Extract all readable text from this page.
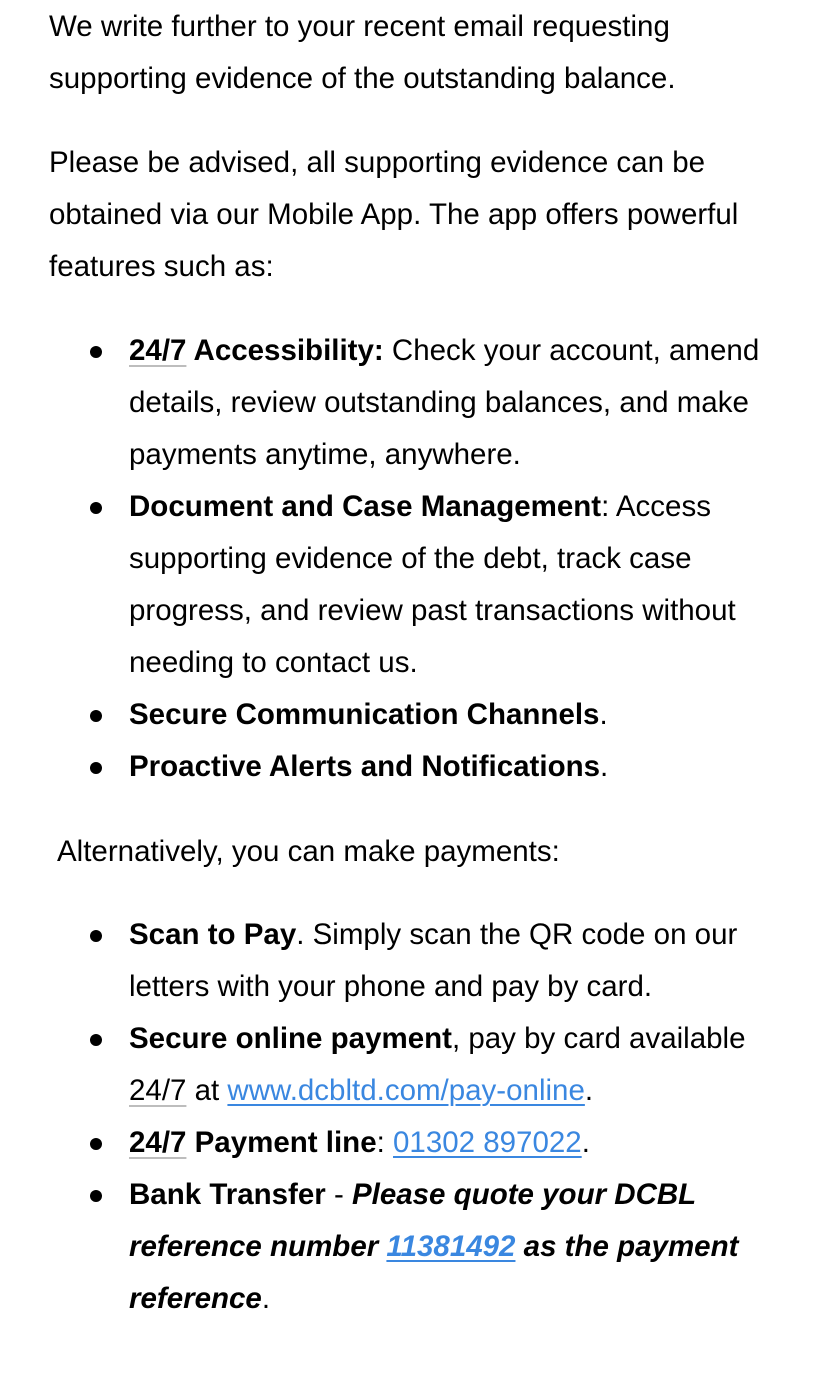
We write further to your recent email requesting supporting evidence of the outstanding balance.

Please be advised, all supporting evidence can be obtained via our Mobile App. The app offers powerful features such as:

24/7 Accessibility: Check your account, amend details, review outstanding balances, and make payments anytime, anywhere.
Document and Case Management: Access supporting evidence of the debt, track case progress, and review past transactions without needing to contact us.
Secure Communication Channels.
Proactive Alerts and Notifications.

Alternatively, you can make payments:

Scan to Pay. Simply scan the QR code on our letters with your phone and pay by card.
Secure online payment, pay by card available 24/7 at www.dcbltd.com/pay-online.
24/7 Payment line: 01302 897022.
Bank Transfer - Please quote your DCBL reference number 11381492 as the payment reference.
